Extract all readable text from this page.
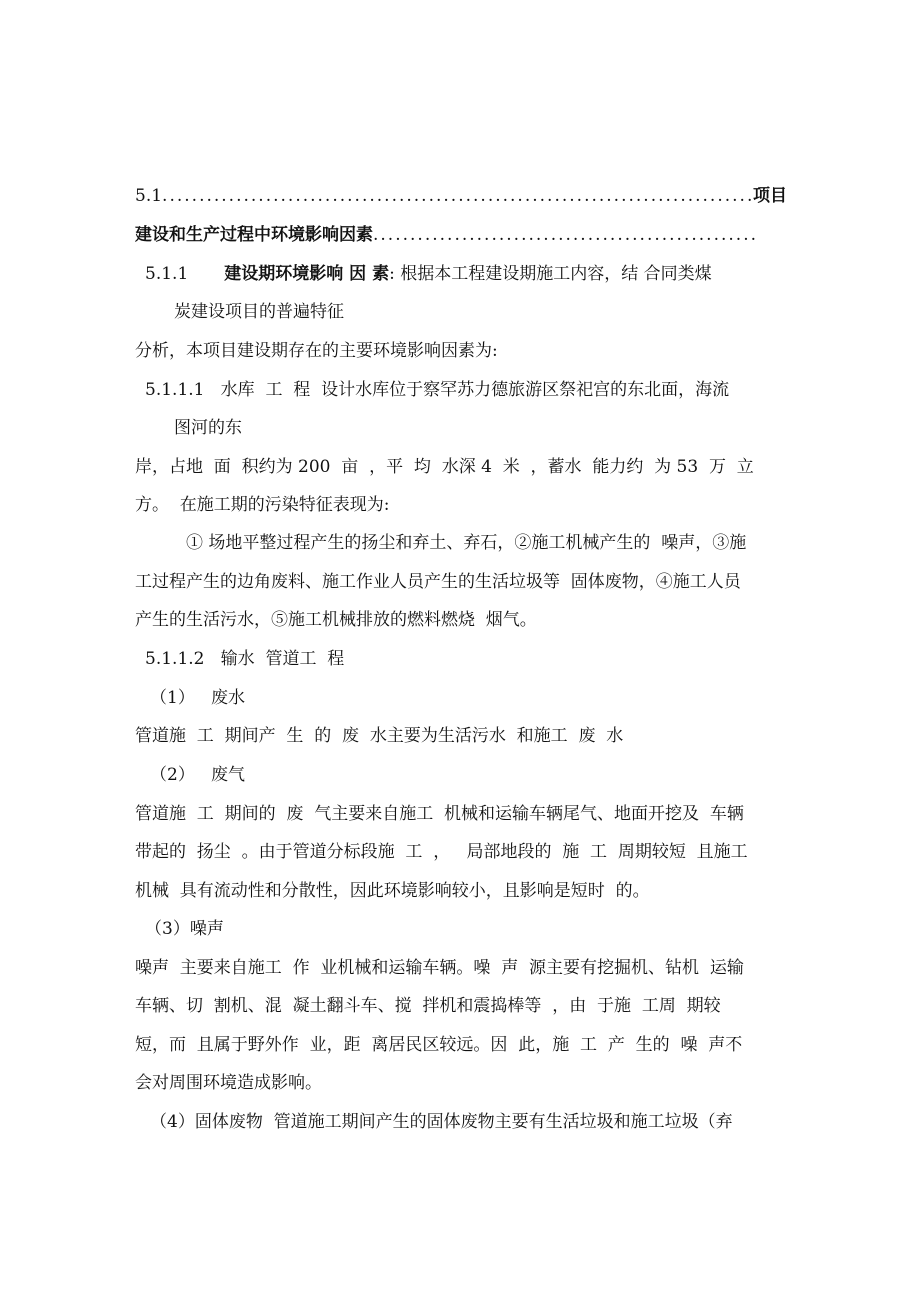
5.1.
.....	项目
建设和生产过程中环境影响因素
.....
5.1.1 建设期环境影响 因 素: 根据本工程建设期施工内容，结 合同类煤
炭建设项目的普遍特征
分析，本项目建设期存在的主要环境影响因素为:
5.1.1.1   水库  工  程  设计水库位于察罕苏力德旅游区祭祀宫的东北面，海流
图河的东
岸，占地  面  积约为 200  亩  ，平  均  水深 4  米  ，蓄水  能力约  为 53  万  立
方。  在施工期的污染特征表现为:
① 场地平整过程产生的扬尘和弃土、弃石，②施工机械产生的  噪声，③施
工过程产生的边角废料、施工作业人员产生的生活垃圾等  固体废物，④施工人员
产生的生活污水，⑤施工机械排放的燃料燃烧  烟气。
5.1.1.2   输水  管道工  程
（1）   废水
管道施  工  期间产  生  的  废  水主要为生活污水  和施工  废  水
（2）   废气
管道施  工  期间的  废  气主要来自施工  机械和运输车辆尾气、地面开挖及  车辆
带起的  扬尘  。由于管道分标段施  工  ，   局部地段的  施  工  周期较短  且施工
机械  具有流动性和分散性，因此环境影响较小，且影响是短时  的。
（3）噪声
噪声  主要来自施工  作  业机械和运输车辆。噪  声  源主要有挖掘机、钻机  运输
车辆、切  割机、混  凝土翻斗车、搅  拌机和震捣棒等  ，由  于施  工周  期较
短，而  且属于野外作  业，距  离居民区较远。因  此，施  工  产  生的  噪  声不
会对周围环境造成影响。
（4）固体废物  管道施工期间产生的固体废物主要有生活垃圾和施工垃圾（弃
